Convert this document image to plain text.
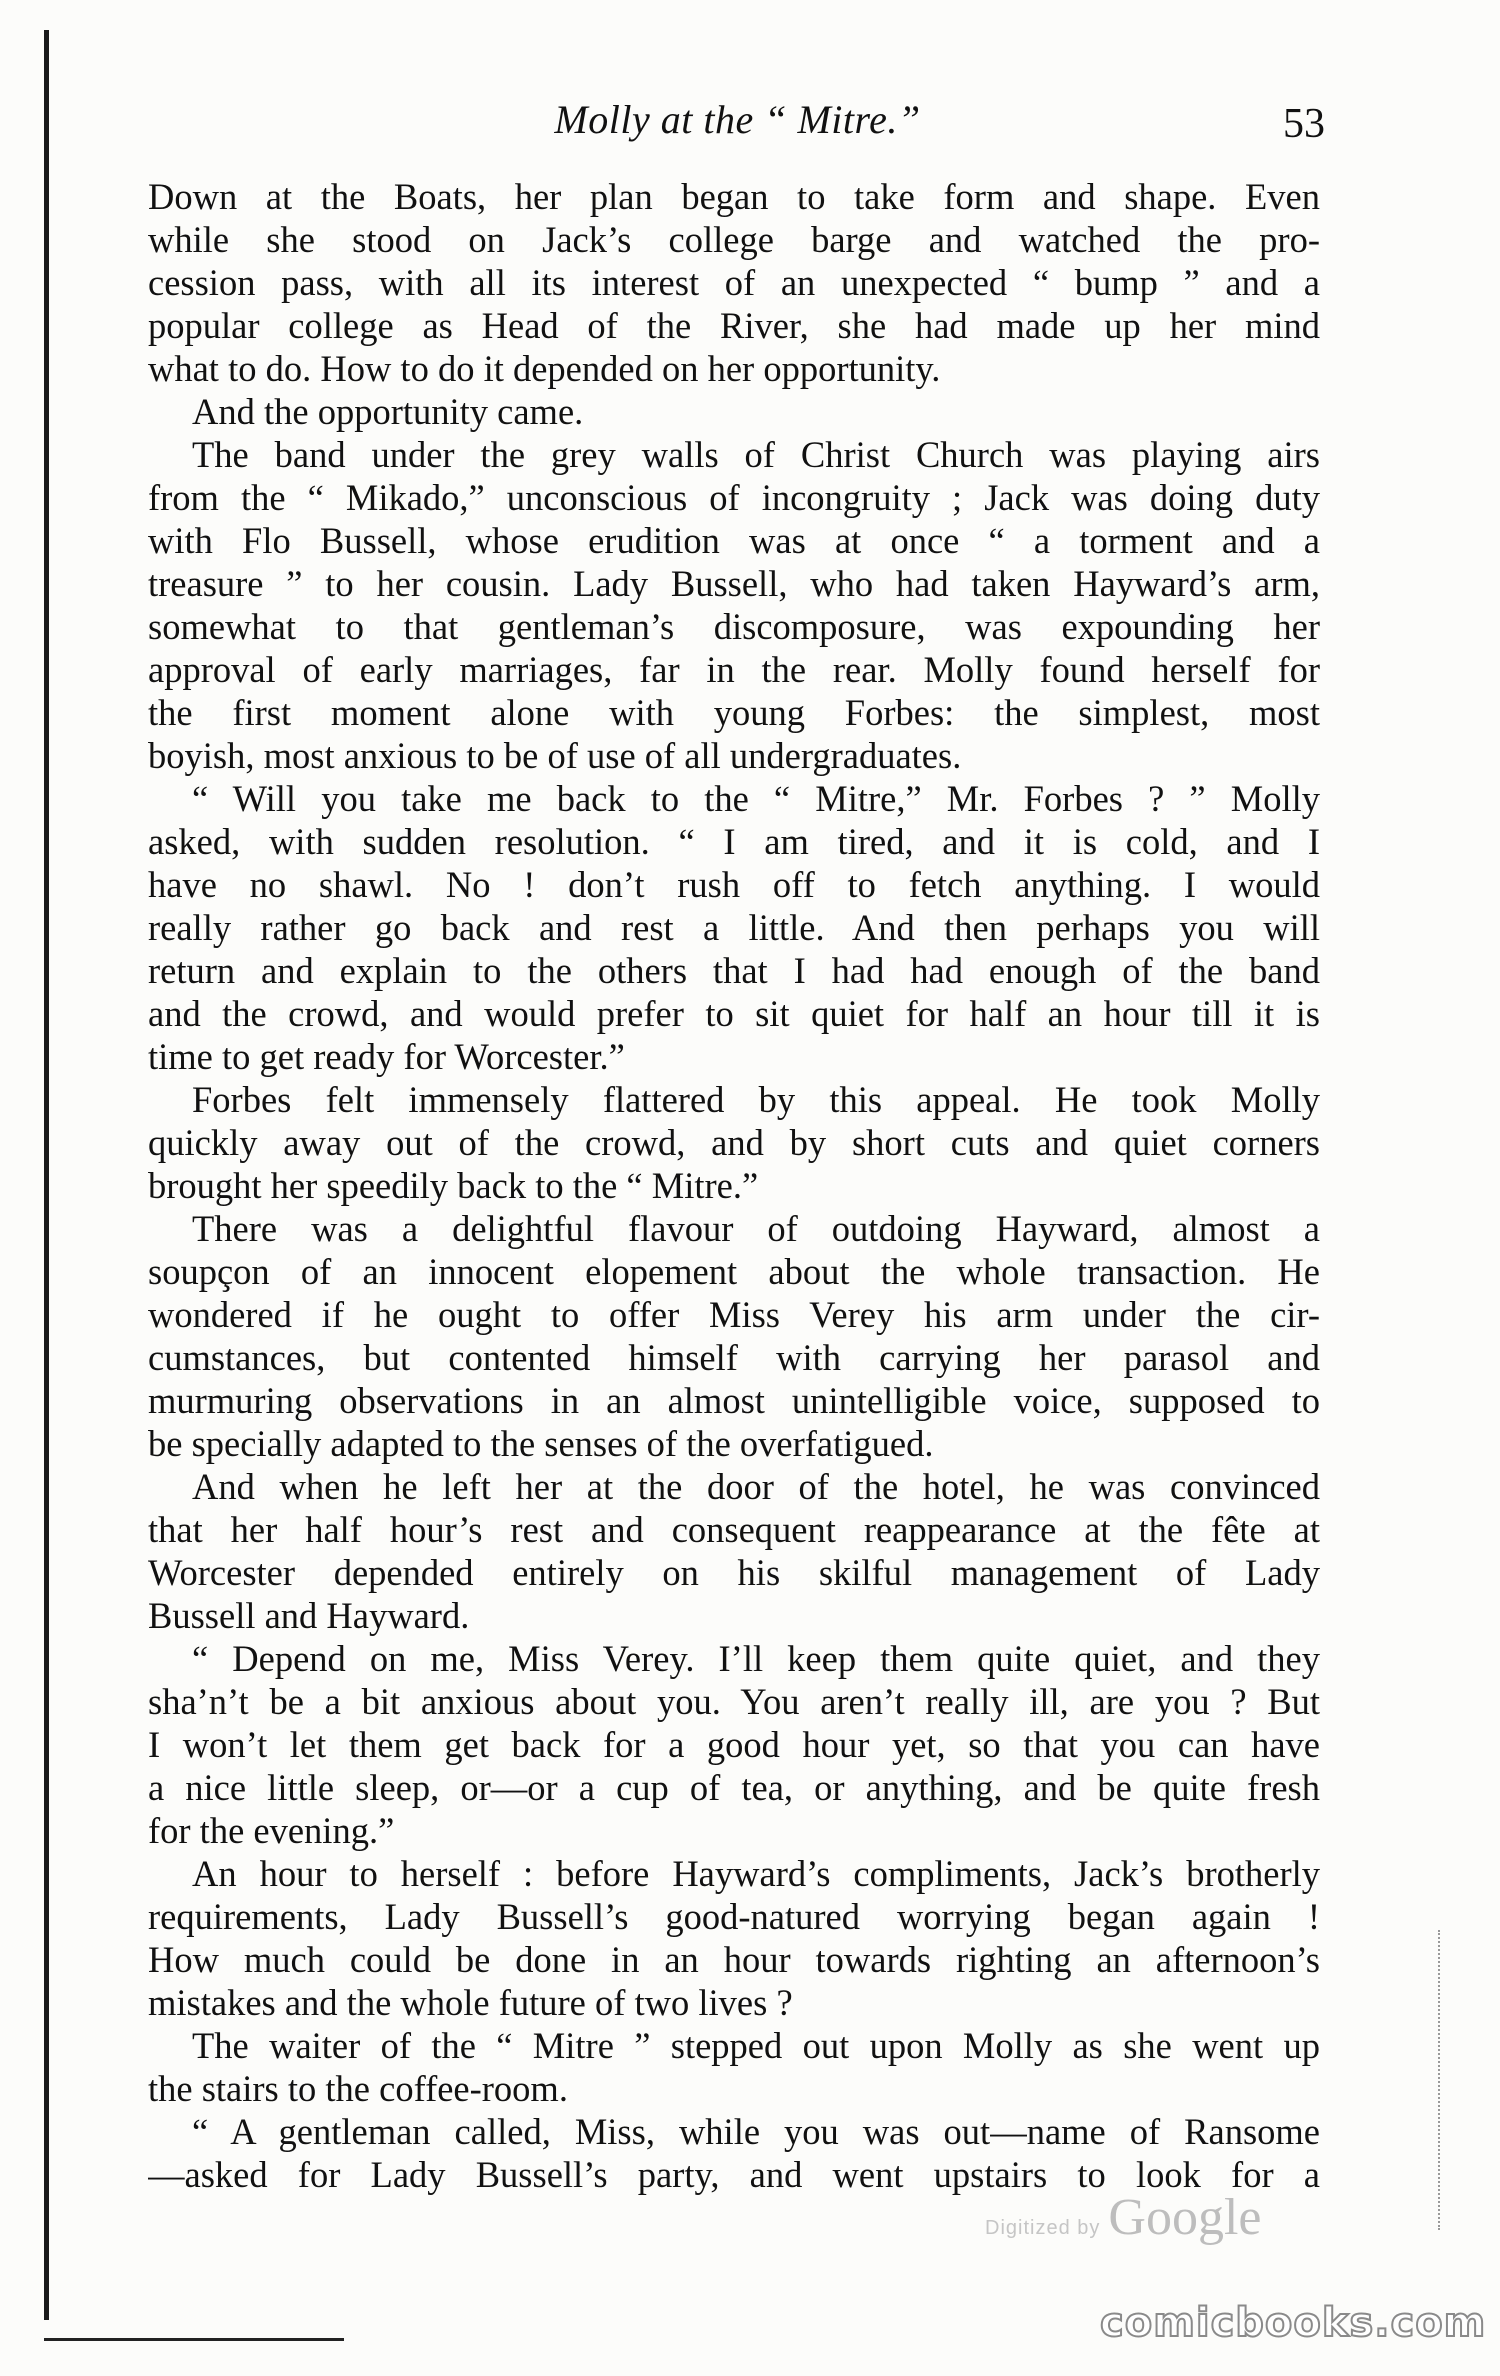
Molly at the “ Mitre.”	53
Down at the Boats, her plan began to take form and shape. Even
while she stood on Jack’s college barge and watched the pro-
cession pass, with all its interest of an unexpected “ bump ” and a
popular college as Head of the River, she had made up her mind
what to do. How to do it depended on her opportunity.
And the opportunity came.
The band under the grey walls of Christ Church was playing airs
from the “ Mikado,” unconscious of incongruity ; Jack was doing duty
with Flo Bussell, whose erudition was at once “ a torment and a
treasure ” to her cousin. Lady Bussell, who had taken Hayward’s arm,
somewhat to that gentleman’s discomposure, was expounding her
approval of early marriages, far in the rear. Molly found herself for
the first moment alone with young Forbes: the simplest, most
boyish, most anxious to be of use of all undergraduates.
“ Will you take me back to the “ Mitre,” Mr. Forbes ? ” Molly
asked, with sudden resolution. “ I am tired, and it is cold, and I
have no shawl. No ! don’t rush off to fetch anything. I would
really rather go back and rest a little. And then perhaps you will
return and explain to the others that I had had enough of the band
and the crowd, and would prefer to sit quiet for half an hour till it is
time to get ready for Worcester.”
Forbes felt immensely flattered by this appeal. He took Molly
quickly away out of the crowd, and by short cuts and quiet corners
brought her speedily back to the “ Mitre.”
There was a delightful flavour of outdoing Hayward, almost a
soupçon of an innocent elopement about the whole transaction. He
wondered if he ought to offer Miss Verey his arm under the cir-
cumstances, but contented himself with carrying her parasol and
murmuring observations in an almost unintelligible voice, supposed to
be specially adapted to the senses of the overfatigued.
And when he left her at the door of the hotel, he was convinced
that her half hour’s rest and consequent reappearance at the fête at
Worcester depended entirely on his skilful management of Lady
Bussell and Hayward.
“ Depend on me, Miss Verey. I’ll keep them quite quiet, and they
sha’n’t be a bit anxious about you. You aren’t really ill, are you ? But
I won’t let them get back for a good hour yet, so that you can have
a nice little sleep, or—or a cup of tea, or anything, and be quite fresh
for the evening.”
An hour to herself : before Hayward’s compliments, Jack’s brotherly
requirements, Lady Bussell’s good-natured worrying began again !
How much could be done in an hour towards righting an afternoon’s
mistakes and the whole future of two lives ?
The waiter of the “ Mitre ” stepped out upon Molly as she went up
the stairs to the coffee-room.
“ A gentleman called, Miss, while you was out—name of Ransome
—asked for Lady Bussell’s party, and went upstairs to look for a
Digitized by Google
comicbooks.com
